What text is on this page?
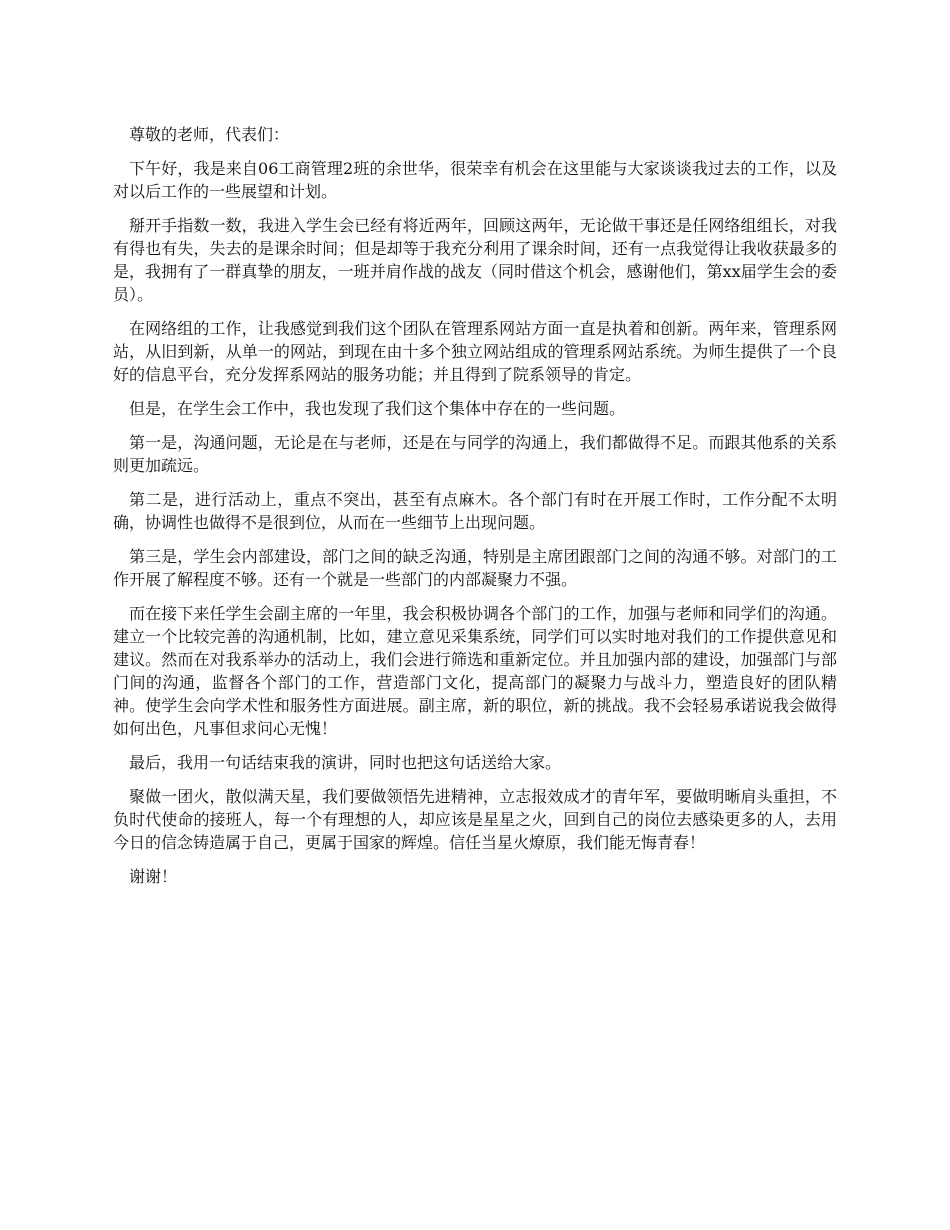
尊敬的老师，代表们：

下午好，我是来自06工商管理2班的余世华，很荣幸有机会在这里能与大家谈谈我过去的工作，以及对以后工作的一些展望和计划。

掰开手指数一数，我进入学生会已经有将近两年，回顾这两年，无论做干事还是任网络组组长，对我有得也有失，失去的是课余时间；但是却等于我充分利用了课余时间，还有一点我觉得让我收获最多的是，我拥有了一群真挚的朋友，一班并肩作战的战友（同时借这个机会，感谢他们，第xx届学生会的委员）。

在网络组的工作，让我感觉到我们这个团队在管理系网站方面一直是执着和创新。两年来，管理系网站，从旧到新，从单一的网站，到现在由十多个独立网站组成的管理系网站系统。为师生提供了一个良好的信息平台，充分发挥系网站的服务功能；并且得到了院系领导的肯定。

但是，在学生会工作中，我也发现了我们这个集体中存在的一些问题。

第一是，沟通问题，无论是在与老师，还是在与同学的沟通上，我们都做得不足。而跟其他系的关系则更加疏远。

第二是，进行活动上，重点不突出，甚至有点麻木。各个部门有时在开展工作时，工作分配不太明确，协调性也做得不是很到位，从而在一些细节上出现问题。

第三是，学生会内部建设，部门之间的缺乏沟通，特别是主席团跟部门之间的沟通不够。对部门的工作开展了解程度不够。还有一个就是一些部门的内部凝聚力不强。

而在接下来任学生会副主席的一年里，我会积极协调各个部门的工作，加强与老师和同学们的沟通。建立一个比较完善的沟通机制，比如，建立意见采集系统，同学们可以实时地对我们的工作提供意见和建议。然而在对我系举办的活动上，我们会进行筛选和重新定位。并且加强内部的建设，加强部门与部门间的沟通，监督各个部门的工作，营造部门文化，提高部门的凝聚力与战斗力，塑造良好的团队精神。使学生会向学术性和服务性方面进展。副主席，新的职位，新的挑战。我不会轻易承诺说我会做得如何出色，凡事但求问心无愧！

最后，我用一句话结束我的演讲，同时也把这句话送给大家。

聚做一团火，散似满天星，我们要做领悟先进精神，立志报效成才的青年军，要做明晰肩头重担，不负时代使命的接班人，每一个有理想的人，却应该是星星之火，回到自己的岗位去感染更多的人，去用今日的信念铸造属于自己，更属于国家的辉煌。信任当星火燎原，我们能无悔青春！

谢谢！
